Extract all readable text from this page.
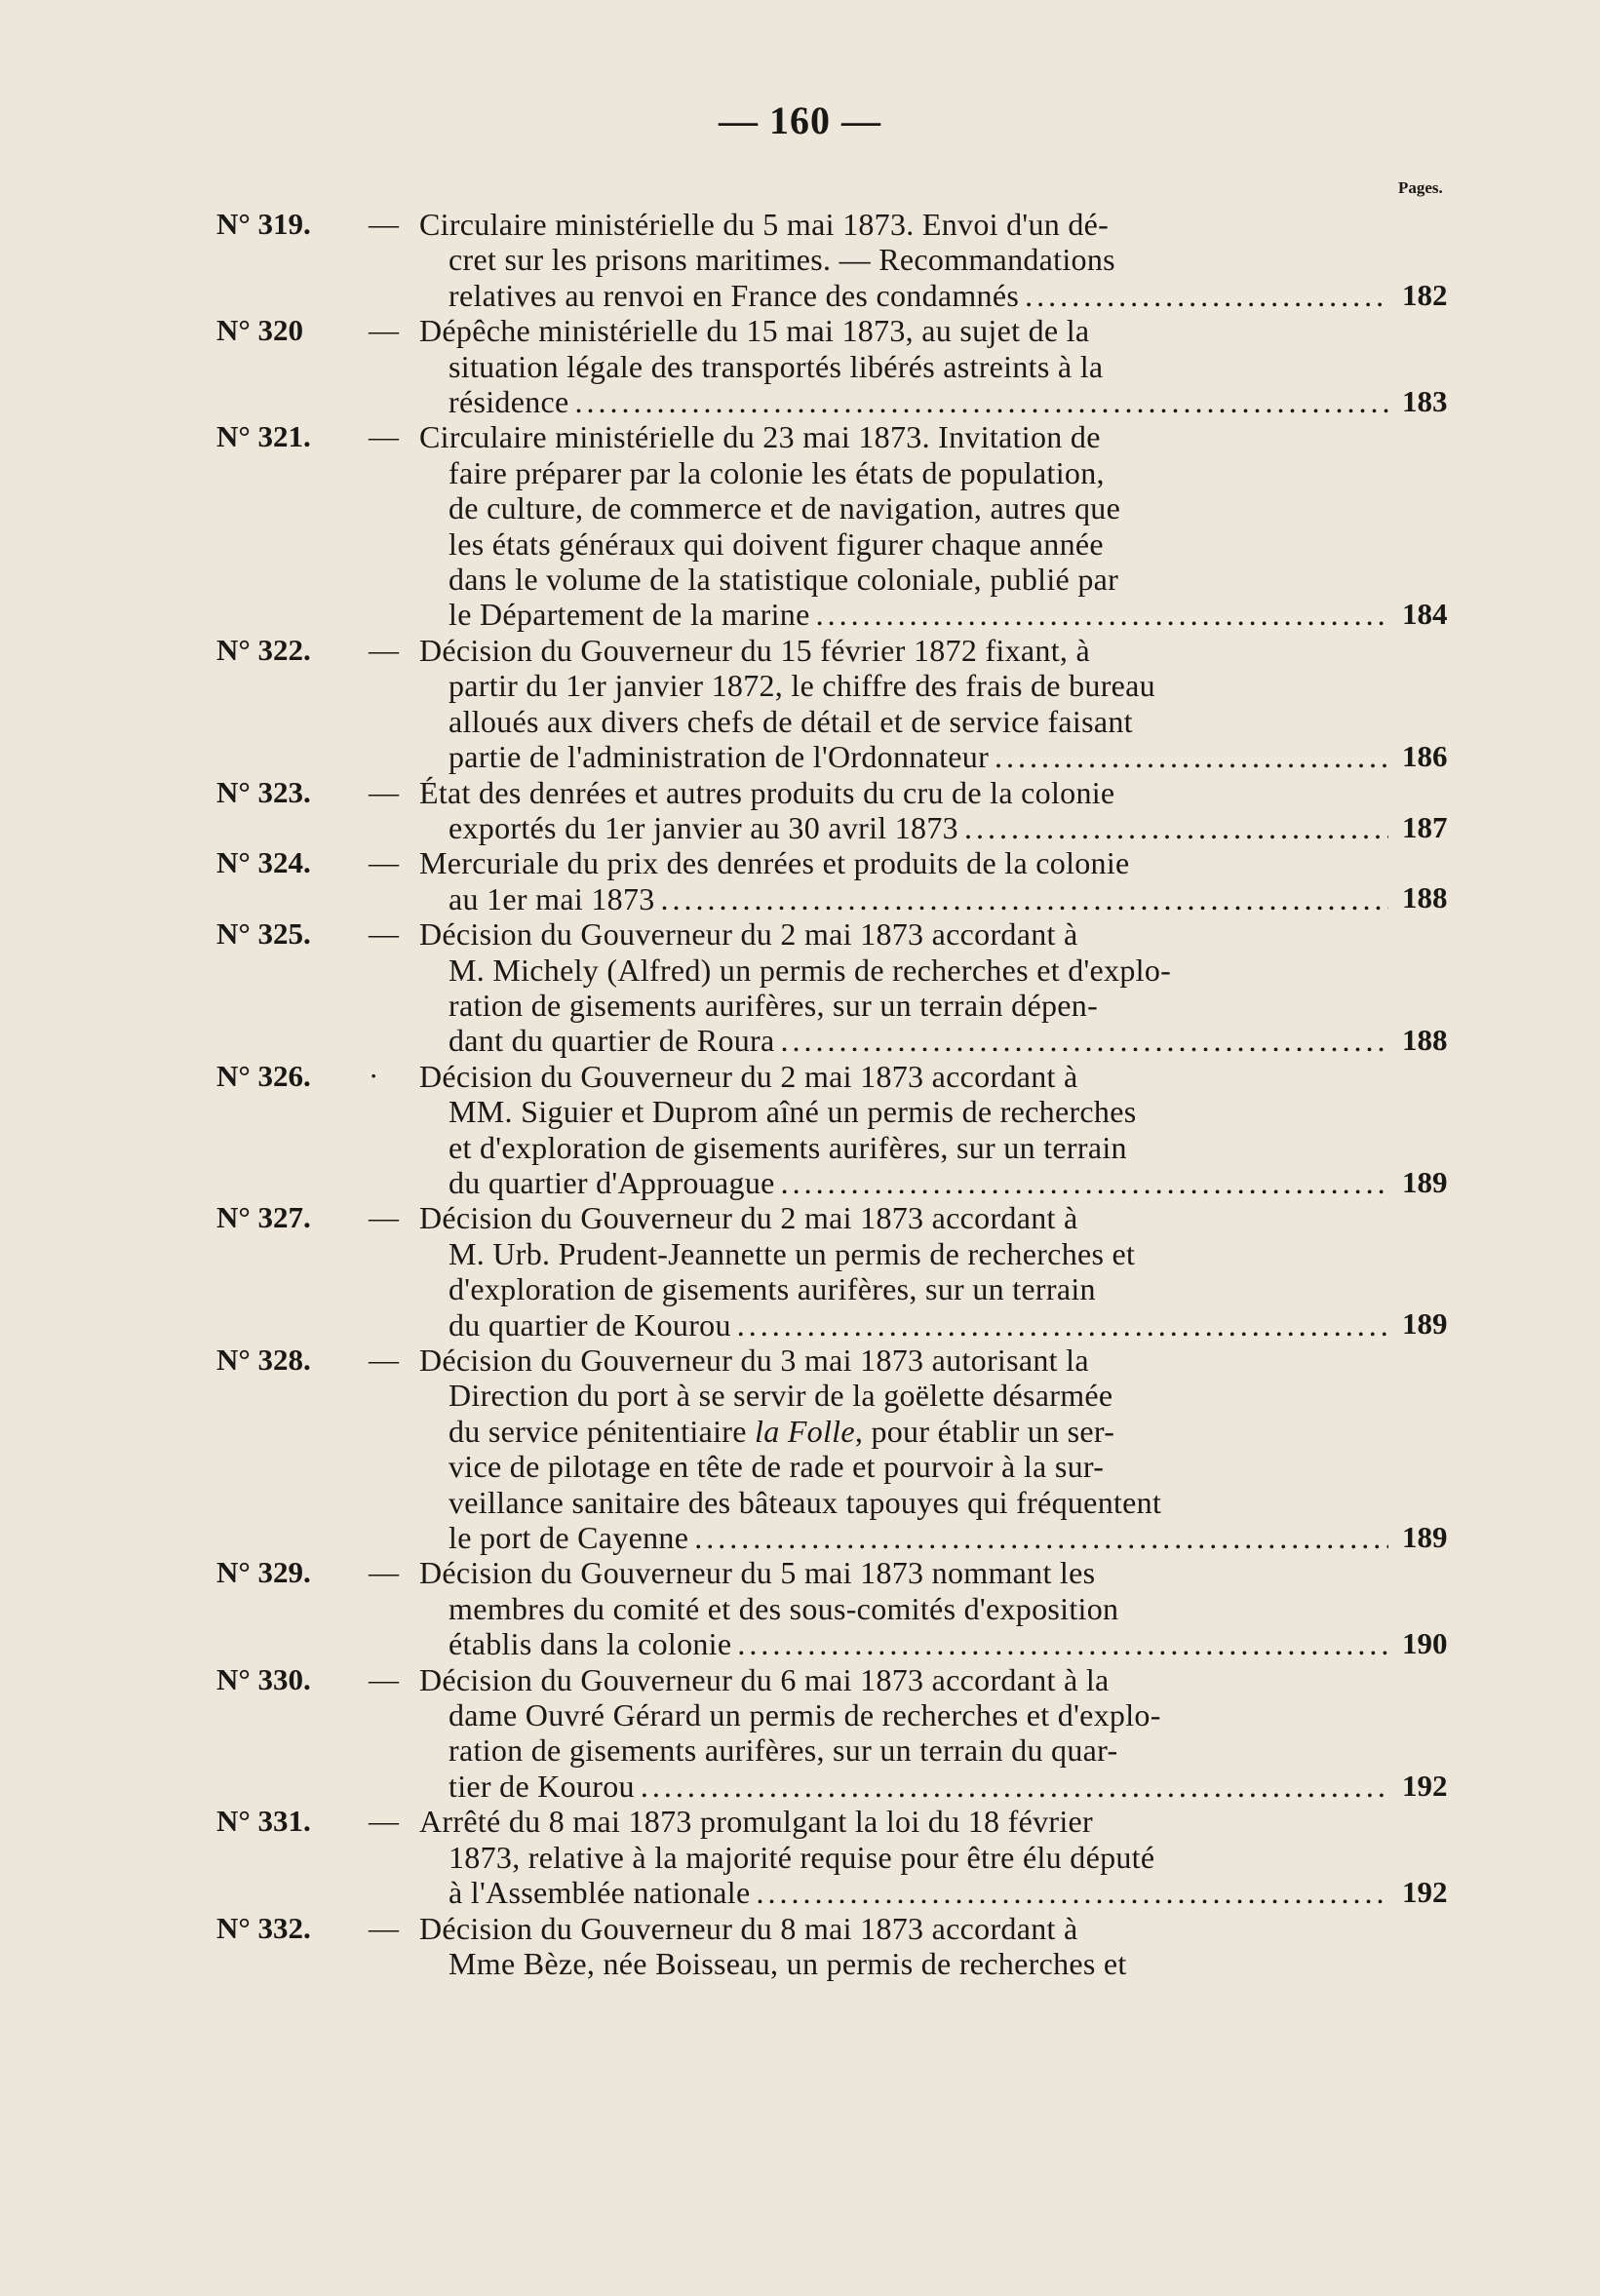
— 160 —
Pages.
N° 319. — Circulaire ministérielle du 5 mai 1873. Envoi d'un dé-
cret sur les prisons maritimes. — Recommandations
relatives au renvoi en France des condamnés . . .	182
N° 320 — Dépêche ministérielle du 15 mai 1873, au sujet de la
situation légale des transportés libérés astreints à la
résidence . . .	183
N° 321. — Circulaire ministérielle du 23 mai 1873. Invitation de
faire préparer par la colonie les états de population,
de culture, de commerce et de navigation, autres que
les états généraux qui doivent figurer chaque année
dans le volume de la statistique coloniale, publié par
le Département de la marine . . .	184
N° 322. — Décision du Gouverneur du 15 février 1872 fixant, à
partir du 1er janvier 1872, le chiffre des frais de bureau
alloués aux divers chefs de détail et de service faisant
partie de l'administration de l'Ordonnateur . . .	186
N° 323. — État des denrées et autres produits du cru de la colonie
exportés du 1er janvier au 30 avril 1873 . . .	187
N° 324. — Mercuriale du prix des denrées et produits de la colonie
au 1er mai 1873 . . .	188
N° 325. — Décision du Gouverneur du 2 mai 1873 accordant à
M. Michely (Alfred) un permis de recherches et d'explo-
ration de gisements aurifères, sur un terrain dépen-
dant du quartier de Roura . . .	188
N° 326. · Décision du Gouverneur du 2 mai 1873 accordant à
MM. Siguier et Duprom aîné un permis de recherches
et d'exploration de gisements aurifères, sur un terrain
du quartier d'Approuague . . .	189
N° 327. — Décision du Gouverneur du 2 mai 1873 accordant à
M. Urb. Prudent-Jeannette un permis de recherches et
d'exploration de gisements aurifères, sur un terrain
du quartier de Kourou . . .	189
N° 328. — Décision du Gouverneur du 3 mai 1873 autorisant la
Direction du port à se servir de la goëlette désarmée
du service pénitentiaire la Folle, pour établir un ser-
vice de pilotage en tête de rade et pourvoir à la sur-
veillance sanitaire des bâteaux tapouyes qui fréquentent
le port de Cayenne . . .	189
N° 329. — Décision du Gouverneur du 5 mai 1873 nommant les
membres du comité et des sous-comités d'exposition
établis dans la colonie . . .	190
N° 330. — Décision du Gouverneur du 6 mai 1873 accordant à la
dame Ouvré Gérard un permis de recherches et d'explo-
ration de gisements aurifères, sur un terrain du quar-
tier de Kourou . . .	192
N° 331. — Arrêté du 8 mai 1873 promulgant la loi du 18 février
1873, relative à la majorité requise pour être élu député
à l'Assemblée nationale . . .	192
N° 332. — Décision du Gouverneur du 8 mai 1873 accordant à
Mme Bèze, née Boisseau, un permis de recherches et
